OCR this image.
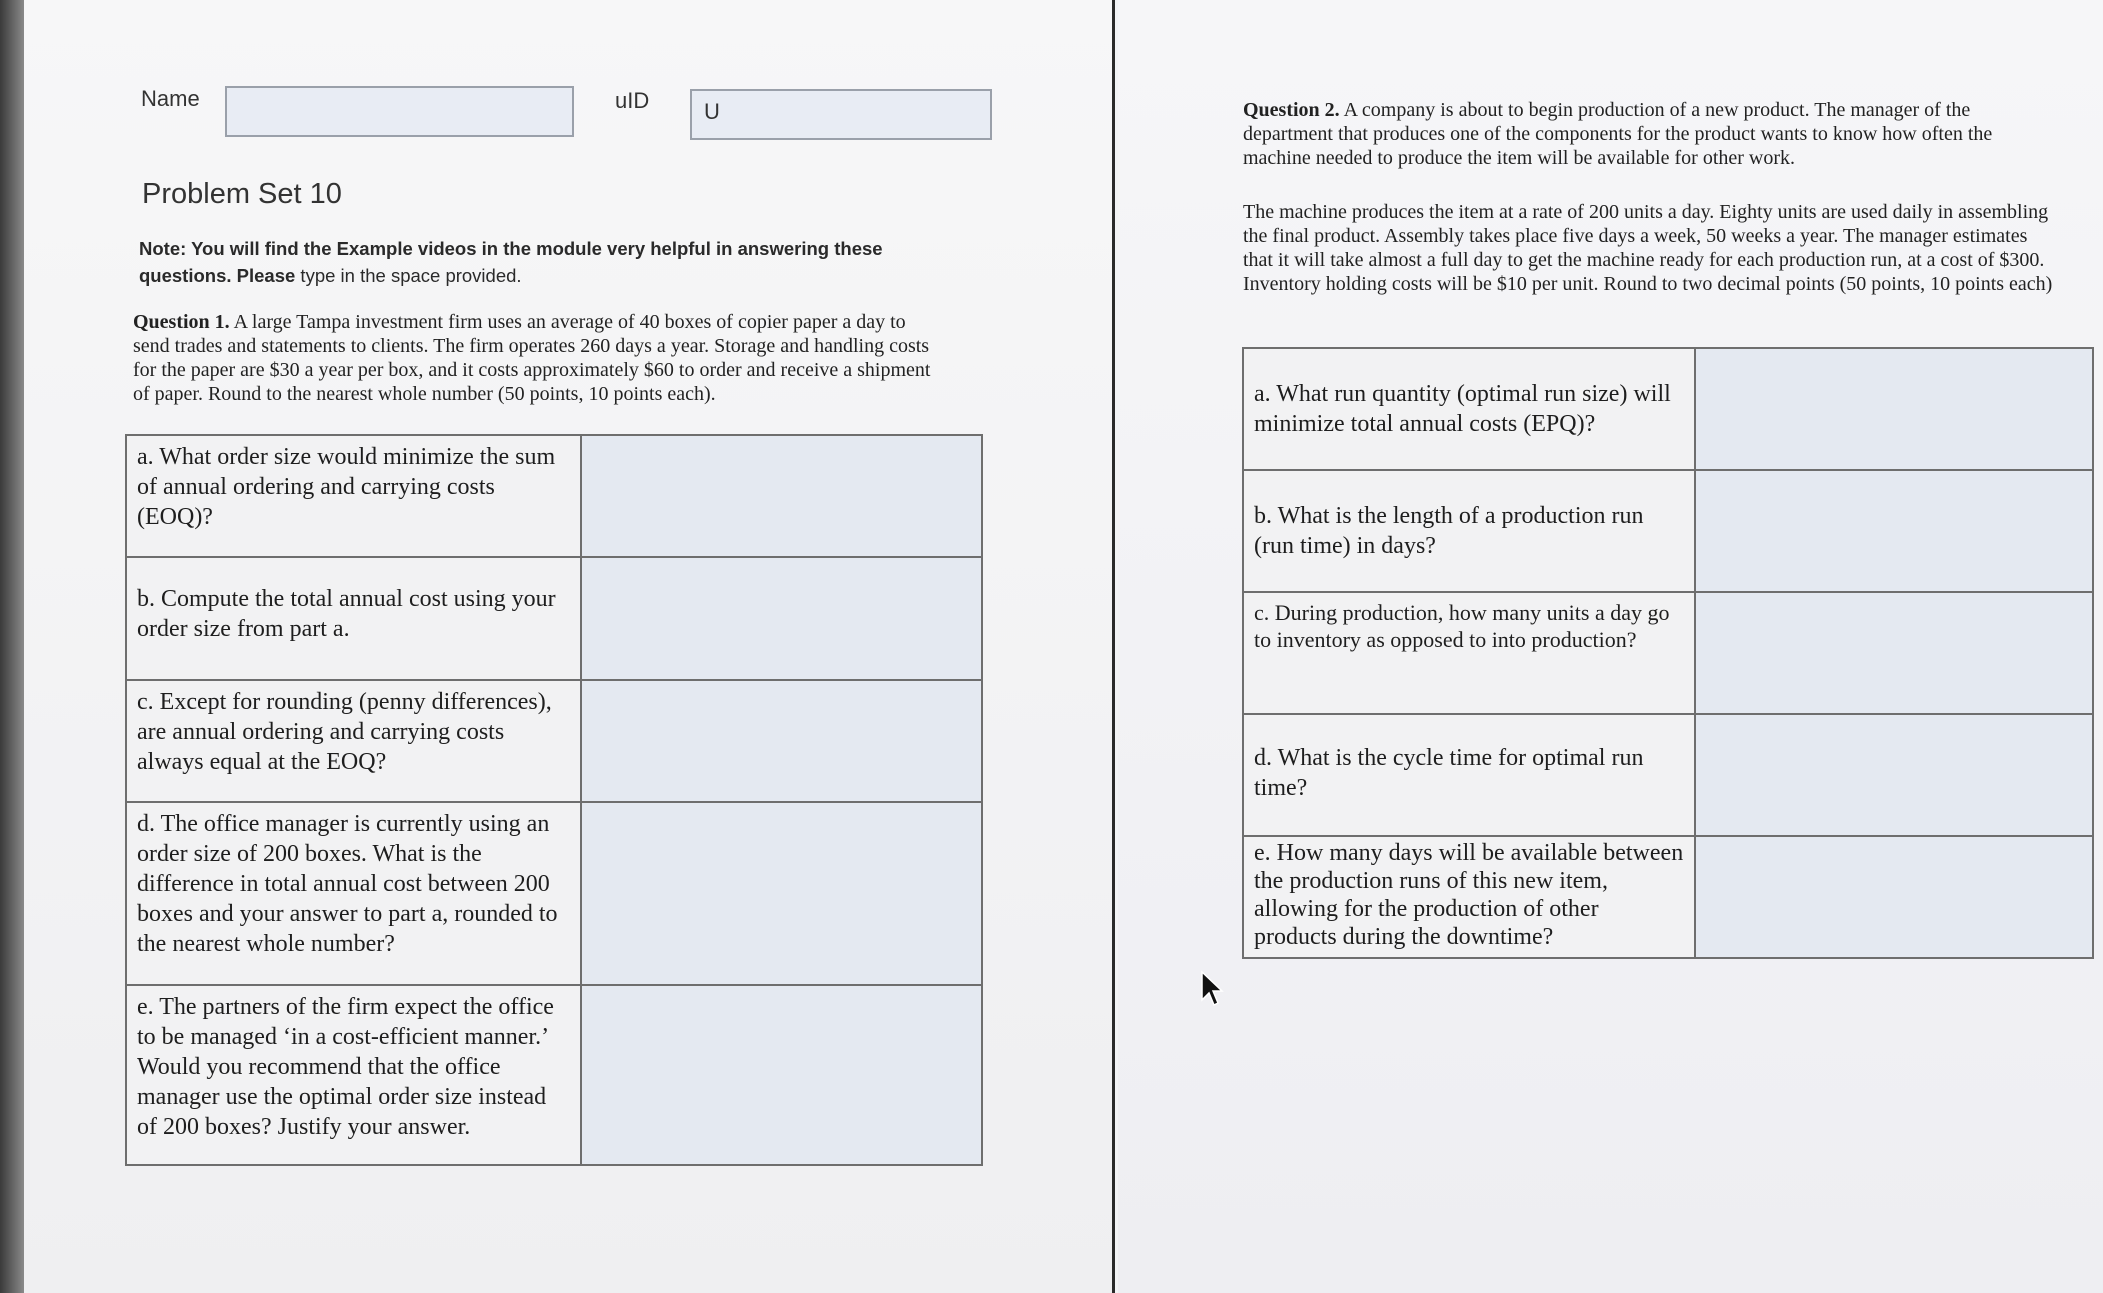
Name	uID	U
Problem Set 10
Note: You will find the Example videos in the module very helpful in answering these
questions. Please type in the space provided.
Question 1. A large Tampa investment firm uses an average of 40 boxes of copier paper a day to send trades and statements to clients. The firm operates 260 days a year. Storage and handling costs for the paper are $30 a year per box, and it costs approximately $60 to order and receive a shipment of paper. Round to the nearest whole number (50 points, 10 points each).
a. What order size would minimize the sum of annual ordering and carrying costs (EOQ)?	
b. Compute the total annual cost using your order size from part a.	
c. Except for rounding (penny differences), are annual ordering and carrying costs always equal at the EOQ?	
d. The office manager is currently using an order size of 200 boxes. What is the difference in total annual cost between 200 boxes and your answer to part a, rounded to the nearest whole number?	
e. The partners of the firm expect the office to be managed ‘in a cost-efficient manner.’ Would you recommend that the office manager use the optimal order size instead of 200 boxes? Justify your answer.	
Question 2. A company is about to begin production of a new product. The manager of the department that produces one of the components for the product wants to know how often the machine needed to produce the item will be available for other work.
The machine produces the item at a rate of 200 units a day. Eighty units are used daily in assembling the final product. Assembly takes place five days a week, 50 weeks a year. The manager estimates that it will take almost a full day to get the machine ready for each production run, at a cost of $300. Inventory holding costs will be $10 per unit. Round to two decimal points (50 points, 10 points each)
a. What run quantity (optimal run size) will minimize total annual costs (EPQ)?	
b. What is the length of a production run (run time) in days?	
c. During production, how many units a day go to inventory as opposed to into production?	
d. What is the cycle time for optimal run time?	
e. How many days will be available between the production runs of this new item, allowing for the production of other products during the downtime?	
